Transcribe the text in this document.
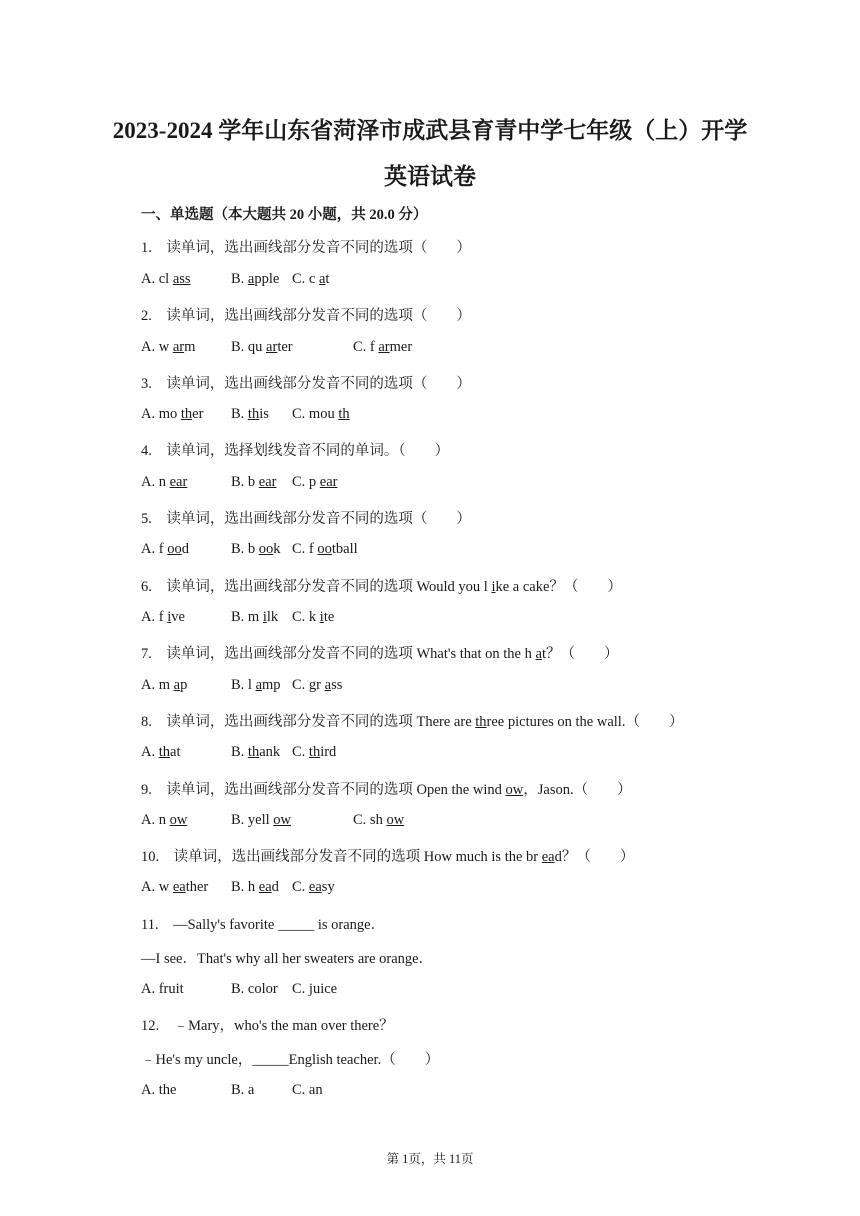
2023-2024 学年山东省菏泽市成武县育青中学七年级（上）开学
英语试卷
一、单选题（本大题共 20 小题，共 20.0 分）
1.    读单词，选出画线部分发音不同的选项（        ）
A. cl ass	B. apple C. c at
2.    读单词，选出画线部分发音不同的选项（        ）
A. w arm B. qu arter	C. f armer
3.    读单词，选出画线部分发音不同的选项（        ）
A. mo ther B. this C. mou th
4.    读单词，选择划线发音不同的单词。（        ）
A. n ear	B. b ear C. p ear
5.    读单词，选出画线部分发音不同的选项（        ）
A. f ood	B. b ook C. f ootball
6.    读单词，选出画线部分发音不同的选项 Would you l ike a cake？（        ）
A. f ive	B. m ilk C. k ite
7.    读单词，选出画线部分发音不同的选项 What's that on the h at？（        ）
A. m ap	B. l amp C. gr ass
8.    读单词，选出画线部分发音不同的选项 There are three pictures on the wall.（        ）
A. that	B. thank C. third
9.    读单词，选出画线部分发音不同的选项 Open the wind ow，Jason.（        ）
A. n ow	B. yell ow	C. sh ow
10.    读单词，选出画线部分发音不同的选项 How much is the br ead？（        ）
A. w eather B. h ead C. easy
11.    —Sally's favorite _____ is orange．
—I see．That's why all her sweaters are orange．
A. fruit	B. color C. juice
12.    ﹣Mary，who's the man over there？
﹣He's my uncle，_____English teacher.（        ）
A. the	B. a	C. an
第 1页，共 11页
